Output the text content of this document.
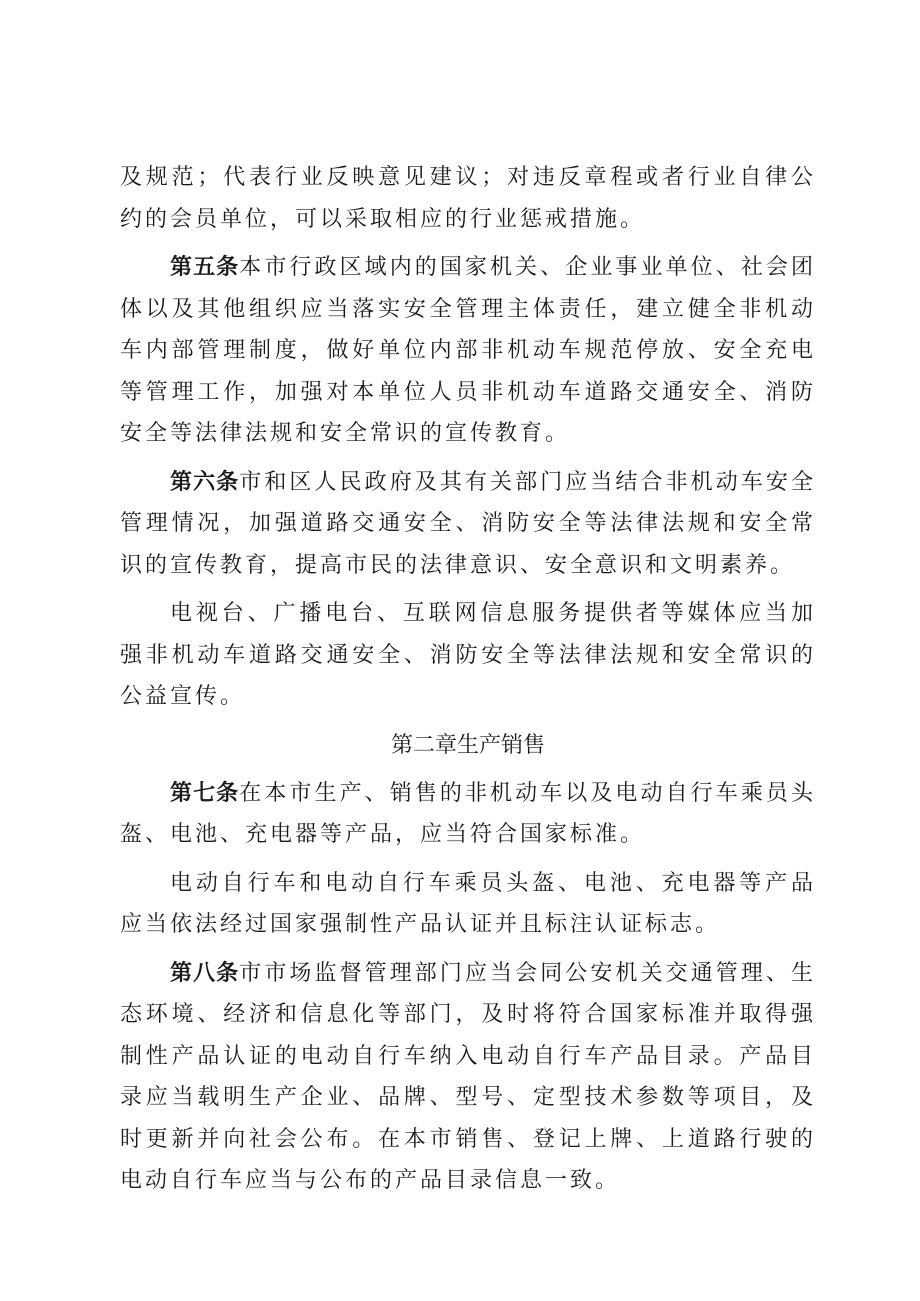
及规范；代表行业反映意见建议；对违反章程或者行业自律公约的会员单位，可以采取相应的行业惩戒措施。

第五条本市行政区域内的国家机关、企业事业单位、社会团体以及其他组织应当落实安全管理主体责任，建立健全非机动车内部管理制度，做好单位内部非机动车规范停放、安全充电等管理工作，加强对本单位人员非机动车道路交通安全、消防安全等法律法规和安全常识的宣传教育。

第六条市和区人民政府及其有关部门应当结合非机动车安全管理情况，加强道路交通安全、消防安全等法律法规和安全常识的宣传教育，提高市民的法律意识、安全意识和文明素养。

电视台、广播电台、互联网信息服务提供者等媒体应当加强非机动车道路交通安全、消防安全等法律法规和安全常识的公益宣传。

第二章生产销售

第七条在本市生产、销售的非机动车以及电动自行车乘员头盔、电池、充电器等产品，应当符合国家标准。

电动自行车和电动自行车乘员头盔、电池、充电器等产品应当依法经过国家强制性产品认证并且标注认证标志。

第八条市市场监督管理部门应当会同公安机关交通管理、生态环境、经济和信息化等部门，及时将符合国家标准并取得强制性产品认证的电动自行车纳入电动自行车产品目录。产品目录应当载明生产企业、品牌、型号、定型技术参数等项目，及时更新并向社会公布。在本市销售、登记上牌、上道路行驶的电动自行车应当与公布的产品目录信息一致。
